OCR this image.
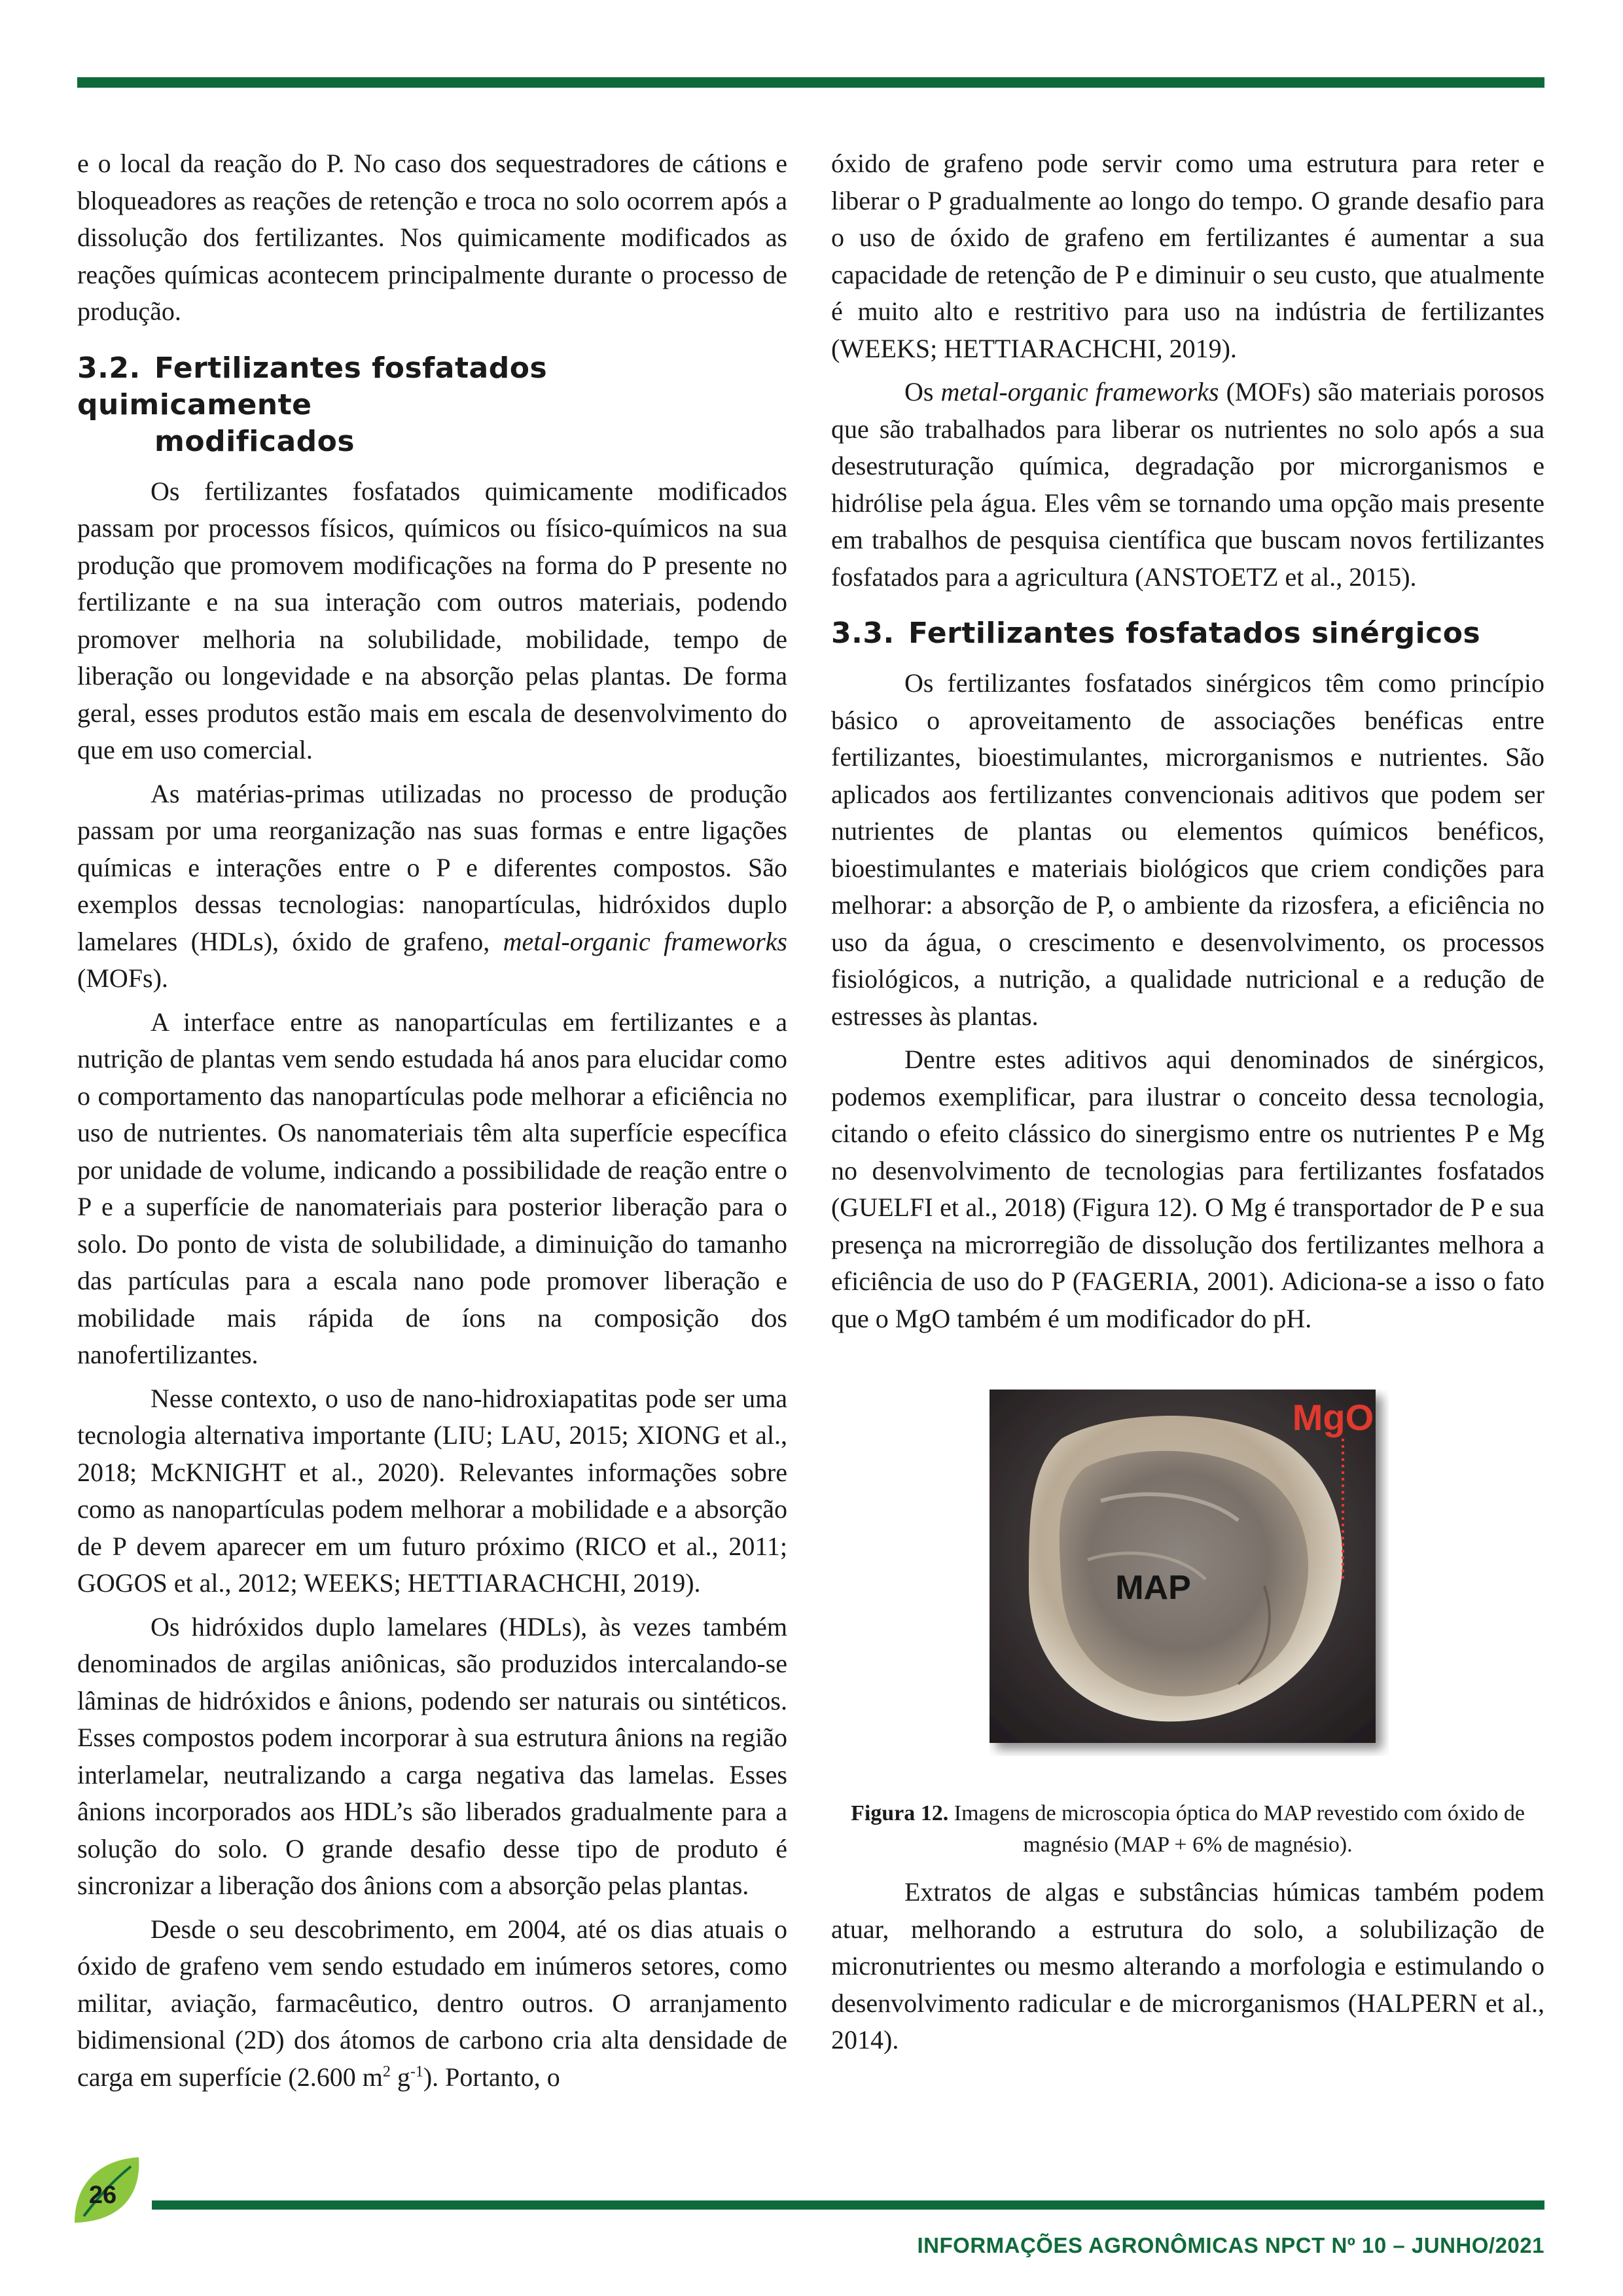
e o local da reação do P. No caso dos sequestradores de cátions e bloqueadores as reações de retenção e troca no solo ocorrem após a dissolução dos fertilizantes. Nos quimicamente modificados as reações químicas acontecem principalmente durante o processo de produção.

3.2. Fertilizantes fosfatados quimicamente
modificados

Os fertilizantes fosfatados quimicamente modificados passam por processos físicos, químicos ou físico-químicos na sua produção que promovem modificações na forma do P presente no fertilizante e na sua interação com outros materiais, podendo promover melhoria na solubilidade, mobilidade, tempo de liberação ou longevidade e na absorção pelas plantas. De forma geral, esses produtos estão mais em escala de desenvolvimento do que em uso comercial.

As matérias-primas utilizadas no processo de produção passam por uma reorganização nas suas formas e entre ligações químicas e interações entre o P e diferentes compostos. São exemplos dessas tecnologias: nanopartículas, hidróxidos duplo lamelares (HDLs), óxido de grafeno, metal-organic frameworks (MOFs).

A interface entre as nanopartículas em fertilizantes e a nutrição de plantas vem sendo estudada há anos para elucidar como o comportamento das nanopartículas pode melhorar a eficiência no uso de nutrientes. Os nanomateriais têm alta superfície específica por unidade de volume, indicando a possibilidade de reação entre o P e a superfície de nanomateriais para posterior liberação para o solo. Do ponto de vista de solubilidade, a diminuição do tamanho das partículas para a escala nano pode promover liberação e mobilidade mais rápida de íons na composição dos nanofertilizantes.

Nesse contexto, o uso de nano-hidroxiapatitas pode ser uma tecnologia alternativa importante (LIU; LAU, 2015; XIONG et al., 2018; McKNIGHT et al., 2020). Relevantes informações sobre como as nanopartículas podem melhorar a mobilidade e a absorção de P devem aparecer em um futuro próximo (RICO et al., 2011; GOGOS et al., 2012; WEEKS; HETTIARACHCHI, 2019).

Os hidróxidos duplo lamelares (HDLs), às vezes também denominados de argilas aniônicas, são produzidos intercalando-se lâminas de hidróxidos e ânions, podendo ser naturais ou sintéticos. Esses compostos podem incorporar à sua estrutura ânions na região interlamelar, neutralizando a carga negativa das lamelas. Esses ânions incorporados aos HDL’s são liberados gradualmente para a solução do solo. O grande desafio desse tipo de produto é sincronizar a liberação dos ânions com a absorção pelas plantas.

Desde o seu descobrimento, em 2004, até os dias atuais o óxido de grafeno vem sendo estudado em inúmeros setores, como militar, aviação, farmacêutico, dentro outros. O arranjamento bidimensional (2D) dos átomos de carbono cria alta densidade de carga em superfície (2.600 $m^2$ $g^{-1}$). Portanto, o

óxido de grafeno pode servir como uma estrutura para reter e liberar o P gradualmente ao longo do tempo. O grande desafio para o uso de óxido de grafeno em fertilizantes é aumentar a sua capacidade de retenção de P e diminuir o seu custo, que atualmente é muito alto e restritivo para uso na indústria de fertilizantes (WEEKS; HETTIARACHCHI, 2019).

Os metal-organic frameworks (MOFs) são materiais porosos que são trabalhados para liberar os nutrientes no solo após a sua desestruturação química, degradação por microrganismos e hidrólise pela água. Eles vêm se tornando uma opção mais presente em trabalhos de pesquisa científica que buscam novos fertilizantes fosfatados para a agricultura (ANSTOETZ et al., 2015).

3.3. Fertilizantes fosfatados sinérgicos

Os fertilizantes fosfatados sinérgicos têm como princípio básico o aproveitamento de associações benéficas entre fertilizantes, bioestimulantes, microrganismos e nutrientes. São aplicados aos fertilizantes convencionais aditivos que podem ser nutrientes de plantas ou elementos químicos benéficos, bioestimulantes e materiais biológicos que criem condições para melhorar: a absorção de P, o ambiente da rizosfera, a eficiência no uso da água, o crescimento e desenvolvimento, os processos fisiológicos, a nutrição, a qualidade nutricional e a redução de estresses às plantas.

Dentre estes aditivos aqui denominados de sinérgicos, podemos exemplificar, para ilustrar o conceito dessa tecnologia, citando o efeito clássico do sinergismo entre os nutrientes P e Mg no desenvolvimento de tecnologias para fertilizantes fosfatados (GUELFI et al., 2018) (Figura 12). O Mg é transportador de P e sua presença na microrregião de dissolução dos fertilizantes melhora a eficiência de uso do P (FAGERIA, 2001). Adiciona-se a isso o fato que o MgO também é um modificador do pH.

MgO
MAP
Figura 12. Imagens de microscopia óptica do MAP revestido com óxido de magnésio (MAP + 6% de magnésio).

Extratos de algas e substâncias húmicas também podem atuar, melhorando a estrutura do solo, a solubilização de micronutrientes ou mesmo alterando a morfologia e estimulando o desenvolvimento radicular e de microrganismos (HALPERN et al., 2014).

26
INFORMAÇÕES AGRONÔMICAS NPCT Nº 10 – JUNHO/2021
